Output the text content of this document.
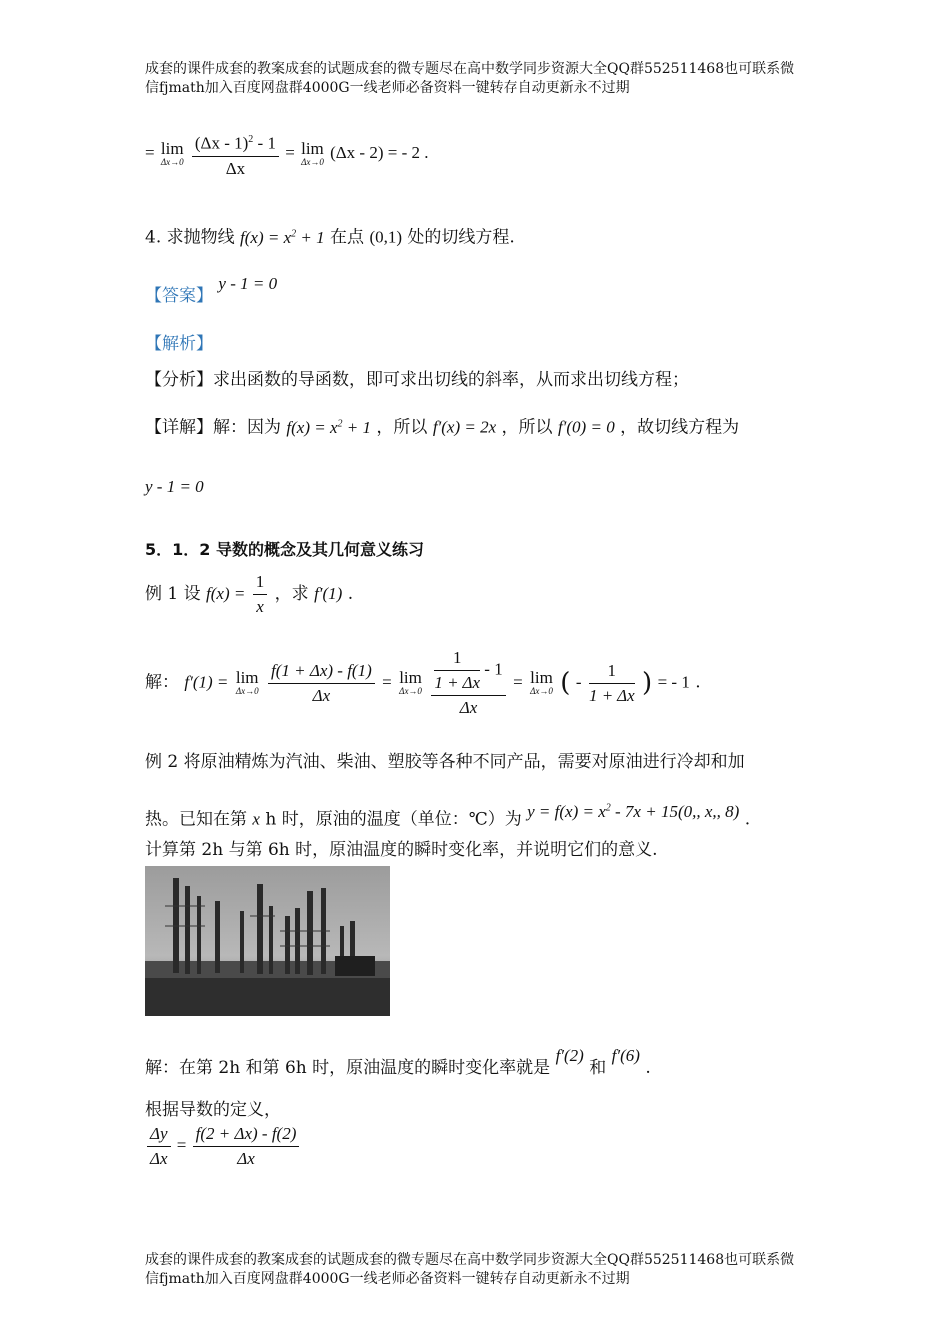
成套的课件成套的教案成套的试题成套的微专题尽在高中数学同步资源大全QQ群552511468也可联系微
信fjmath加入百度网盘群4000G一线老师必备资料一键转存自动更新永不过期
= lim
Δx→0
$\frac{(\Delta x - 1)^2 - 1}{\Delta x} = \lim$
Δx→0
(Δx - 2) = - 2 .
4. 求抛物线 $f(x) = x^2 + 1$ 在点 (0,1) 处的切线方程.
【答案】 y - 1 = 0
【解析】
【分析】求出函数的导函数，即可求出切线的斜率，从而求出切线方程；
【详解】解：因为 $f(x) = x^2 + 1$ ，所以 f′(x) = 2x ，所以 f′(0) = 0 ，故切线方程为
y - 1 = 0
5．1．2 导数的概念及其几何意义练习
例 1 设 $f(x) = \frac{1}{x}$ ，求 f′(1) .
解： f′(1) = lim
Δx→0
$\frac{f(1 + \Delta x) - f(1)}{\Delta x} = \lim$
Δx→0
$\frac{\frac{1}{1 + \Delta x} - 1}{\Delta x} = \lim$
Δx→0 ( - $\frac{1}{1 + \Delta x}$ ) = - 1 .
例 2 将原油精炼为汽油、柴油、塑胶等各种不同产品，需要对原油进行冷却和加
热。已知在第 x h 时，原油的温度（单位：℃）为 $y = f(x) = x^2 - 7x + 15(0$,, x,, 8) .
计算第 2h 与第 6h 时，原油温度的瞬时变化率，并说明它们的意义.
解：在第 2h 和第 6h 时，原油温度的瞬时变化率就是 f′(2) 和 f′(6) .
根据导数的定义，
$\frac{\Delta y}{\Delta x} = \frac{f(2 + \Delta x) - f(2)}{\Delta x}$
成套的课件成套的教案成套的试题成套的微专题尽在高中数学同步资源大全QQ群552511468也可联系微
信fjmath加入百度网盘群4000G一线老师必备资料一键转存自动更新永不过期
